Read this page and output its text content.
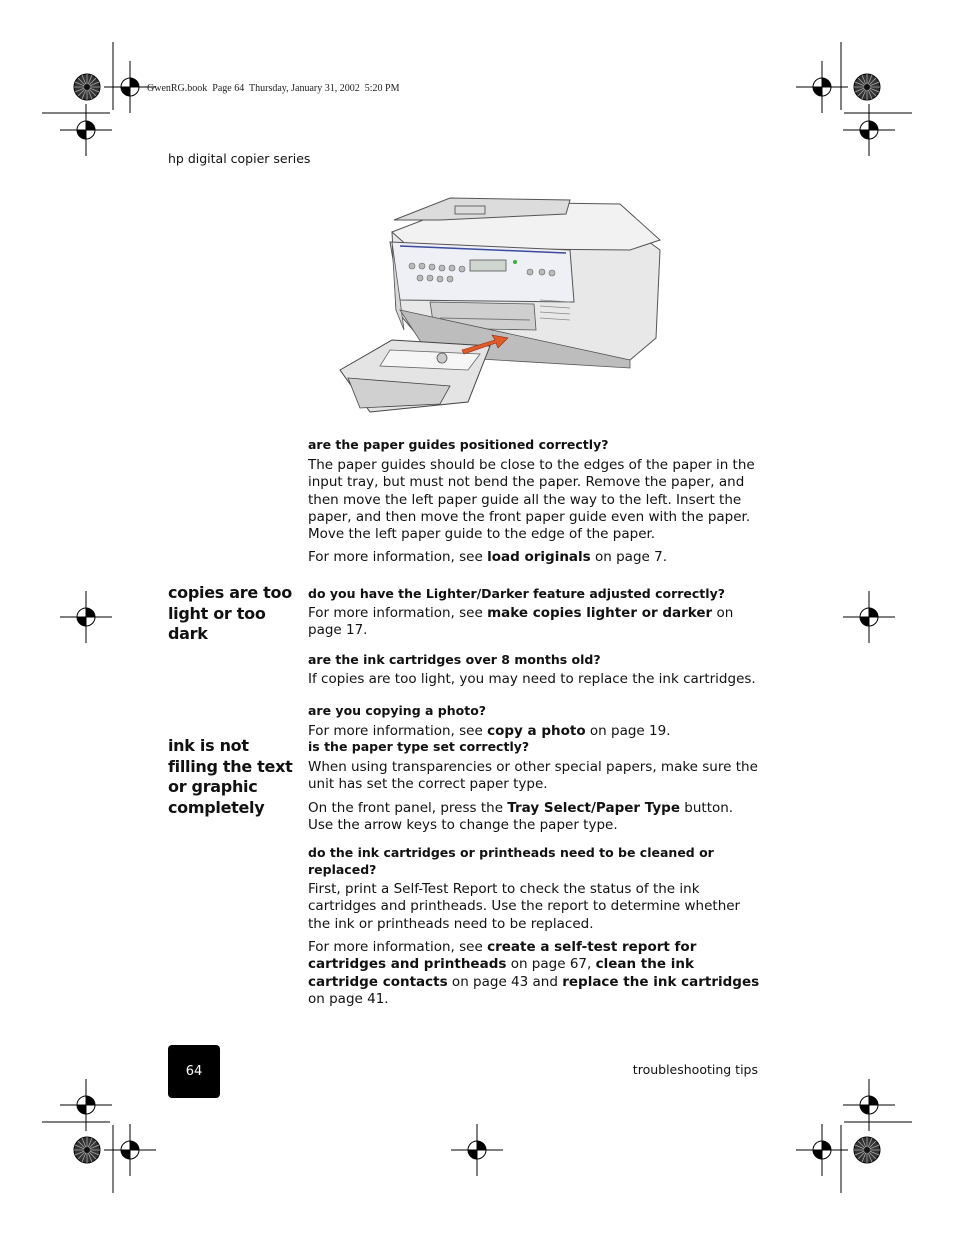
GwenRG.book  Page 64  Thursday, January 31, 2002  5:20 PM
hp digital copier series
are the paper guides positioned correctly?

The paper guides should be close to the edges of the paper in the input tray, but must not bend the paper. Remove the paper, and then move the left paper guide all the way to the left. Insert the paper, and then move the front paper guide even with the paper. Move the left paper guide to the edge of the paper.

For more information, see load originals on page 7.

copies are too light or too dark
do you have the Lighter/Darker feature adjusted correctly?

For more information, see make copies lighter or darker on page 17.

are the ink cartridges over 8 months old?

If copies are too light, you may need to replace the ink cartridges.

are you copying a photo?

For more information, see copy a photo on page 19.

ink is not filling the text or graphic completely
is the paper type set correctly?

When using transparencies or other special papers, make sure the unit has set the correct paper type.

On the front panel, press the Tray Select/Paper Type button. Use the arrow keys to change the paper type.

do the ink cartridges or printheads need to be cleaned or replaced?

First, print a Self-Test Report to check the status of the ink cartridges and printheads. Use the report to determine whether the ink or printheads need to be replaced.

For more information, see create a self-test report for cartridges and printheads on page 67, clean the ink cartridge contacts on page 43 and replace the ink cartridges on page 41.

64	troubleshooting tips
